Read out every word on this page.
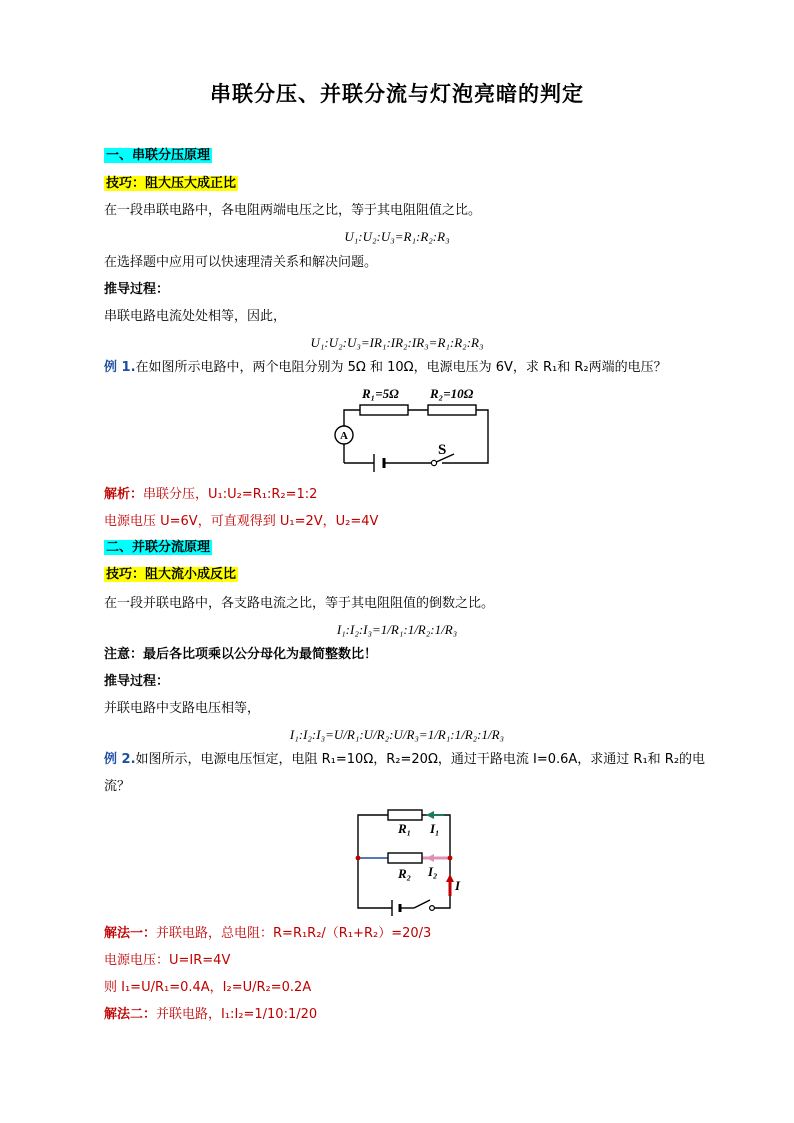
串联分压、并联分流与灯泡亮暗的判定
一、串联分压原理
技巧：阻大压大成正比
在一段串联电路中，各电阻两端电压之比，等于其电阻阻值之比。
U₁:U₂:U₃=R₁:R₂:R₃
在选择题中应用可以快速理清关系和解决问题。
推导过程：
串联电路电流处处相等，因此，
U₁:U₂:U₃=IR₁:IR₂:IR₃=R₁:R₂:R₃
例 1.在如图所示电路中，两个电阻分别为 5Ω 和 10Ω，电源电压为 6V，求 R₁和 R₂两端的电压？
A
R₁=5Ω R₂=10Ω
S
解析：串联分压，U₁:U₂=R₁:R₂=1:2
电源电压 U=6V，可直观得到 U₁=2V，U₂=4V
二、并联分流原理
技巧：阻大流小成反比
在一段并联电路中，各支路电流之比，等于其电阻阻值的倒数之比。
I₁:I₂:I₃=1/R₁:1/R₂:1/R₃
注意：最后各比项乘以公分母化为最简整数比！
推导过程：
并联电路中支路电压相等，
I₁:I₂:I₃=U/R₁:U/R₂:U/R₃=1/R₁:1/R₂:1/R₃
例 2.如图所示，电源电压恒定，电阻 R₁=10Ω，R₂=20Ω，通过干路电流 I=0.6A，求通过 R₁和 R₂的电
流？
R₁ I₁
R₂ I₂
I
解法一：并联电路，总电阻：R=R₁R₂/（R₁+R₂）=20/3
电源电压：U=IR=4V
则 I₁=U/R₁=0.4A，I₂=U/R₂=0.2A
解法二：并联电路，I₁:I₂=1/10:1/20
